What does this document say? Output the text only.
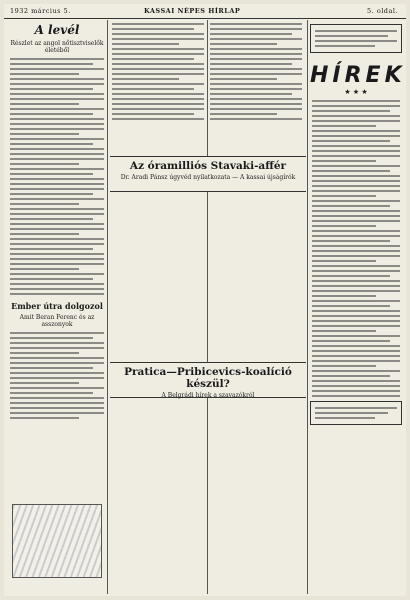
1932 március 5.	KASSAI NÉPES HÍRLAP	5. oldal.
A levél
Részlet az angol nőtisztviselők életéből
Ember útra dolgozol
Amit Beran Ferenc és az asszonyok
HÍREK
★ ★ ★
Az óramilliós Stavaki-affér
Dr. Aradi Pánsz úgyvéd nyilatkozata — A kassai újságírók
Pratica—Pribicevics-koalíció készül?
A Belgrádi hírek a szavazókról
